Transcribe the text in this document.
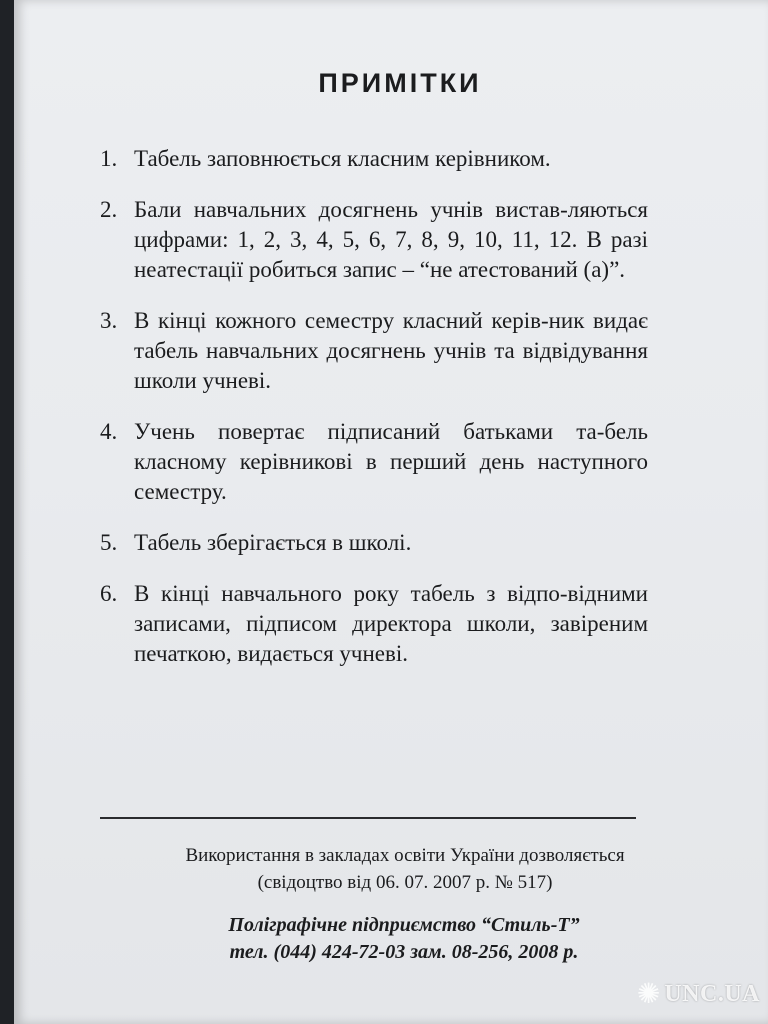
ПРИМІТКИ
1. Табель заповнюється класним керівником.
2. Бали навчальних досягнень учнів вистав-ляються цифрами: 1, 2, 3, 4, 5, 6, 7, 8, 9, 10, 11, 12. В разі неатестації робиться запис – “не атестований (а)”.
3. В кінці кожного семестру класний керів-ник видає табель навчальних досягнень учнів та відвідування школи учневі.
4. Учень повертає підписаний батьками та-бель класному керівникові в перший день наступного семестру.
5. Табель зберігається в школі.
6. В кінці навчального року табель з відпо-відними записами, підписом директора школи, завіреним печаткою, видається учневі.
Використання в закладах освіти України дозволяється
(свідоцтво від 06. 07. 2007 р. № 517)
Поліграфічне підприємство “Стиль-Т”
тел. (044) 424-72-03 зам. 08-256, 2008 р.
✺ UNC.UA
